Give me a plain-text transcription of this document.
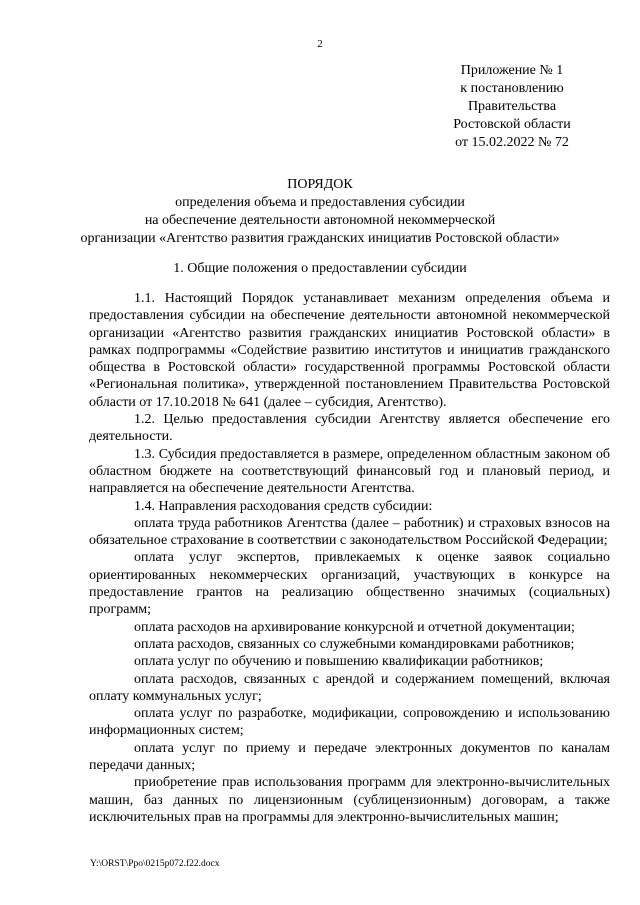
2
Приложение № 1
к постановлению
Правительства
Ростовской области
от 15.02.2022 № 72
ПОРЯДОК
определения объема и предоставления субсидии
на обеспечение деятельности автономной некоммерческой
организации «Агентство развития гражданских инициатив Ростовской области»
1. Общие положения о предоставлении субсидии

1.1. Настоящий Порядок устанавливает механизм определения объема и предоставления субсидии на обеспечение деятельности автономной некоммерческой организации «Агентство развития гражданских инициатив Ростовской области» в рамках подпрограммы «Содействие развитию институтов и инициатив гражданского общества в Ростовской области» государственной программы Ростовской области «Региональная политика», утвержденной постановлением Правительства Ростовской области от 17.10.2018 № 641 (далее – субсидия, Агентство).

1.2. Целью предоставления субсидии Агентству является обеспечение его деятельности.

1.3. Субсидия предоставляется в размере, определенном областным законом об областном бюджете на соответствующий финансовый год и плановый период, и направляется на обеспечение деятельности Агентства.

1.4. Направления расходования средств субсидии:

оплата труда работников Агентства (далее – работник) и страховых взносов на обязательное страхование в соответствии с законодательством Российской Федерации;

оплата услуг экспертов, привлекаемых к оценке заявок социально ориентированных некоммерческих организаций, участвующих в конкурсе на предоставление грантов на реализацию общественно значимых (социальных) программ;

оплата расходов на архивирование конкурсной и отчетной документации;

оплата расходов, связанных со служебными командировками работников;

оплата услуг по обучению и повышению квалификации работников;

оплата расходов, связанных с арендой и содержанием помещений, включая оплату коммунальных услуг;

оплата услуг по разработке, модификации, сопровождению и использованию информационных систем;

оплата услуг по приему и передаче электронных документов по каналам передачи данных;

приобретение прав использования программ для электронно-вычислительных машин, баз данных по лицензионным (сублицензионным) договорам, а также исключительных прав на программы для электронно-вычислительных машин;

Y:\ORST\Ppo\0215p072.f22.docx
